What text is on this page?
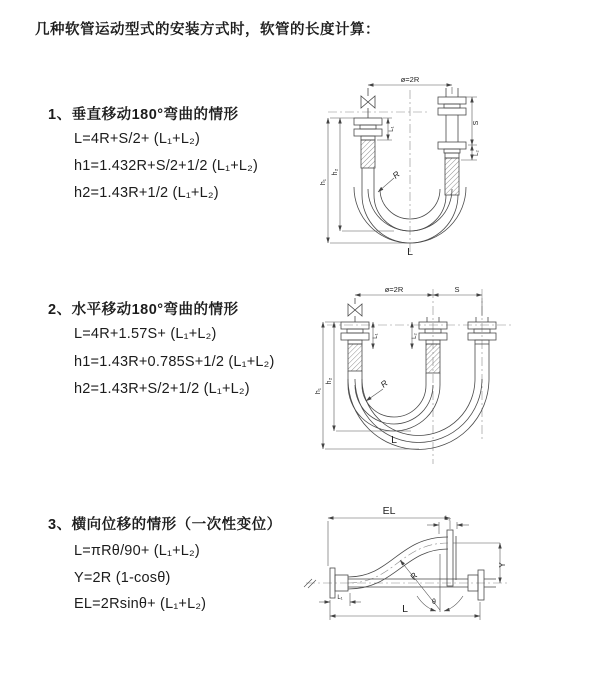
几种软管运动型式的安装方式时，软管的长度计算：
1、垂直移动180°弯曲的情形
L=4R+S/2+ (L₁+L₂)
h1=1.432R+S/2+1/2 (L₁+L₂)
h2=1.43R+1/2 (L₁+L₂)
2、水平移动180°弯曲的情形
L=4R+1.57S+ (L₁+L₂)
h1=1.43R+0.785S+1/2 (L₁+L₂)
h2=1.43R+S/2+1/2 (L₁+L₂)
3、横向位移的情形（一次性变位）
L=πRθ/90+ (L₁+L₂)
Y=2R (1-cosθ)
EL=2Rsinθ+ (L₁+L₂)
ø=2R
S
L₂
L₁
h₁
h₂	R
L
ø=2R	S
h₁
h₂
L₁	L₂
R
L
EL
L₂
Y
R
θ
L
L₁
